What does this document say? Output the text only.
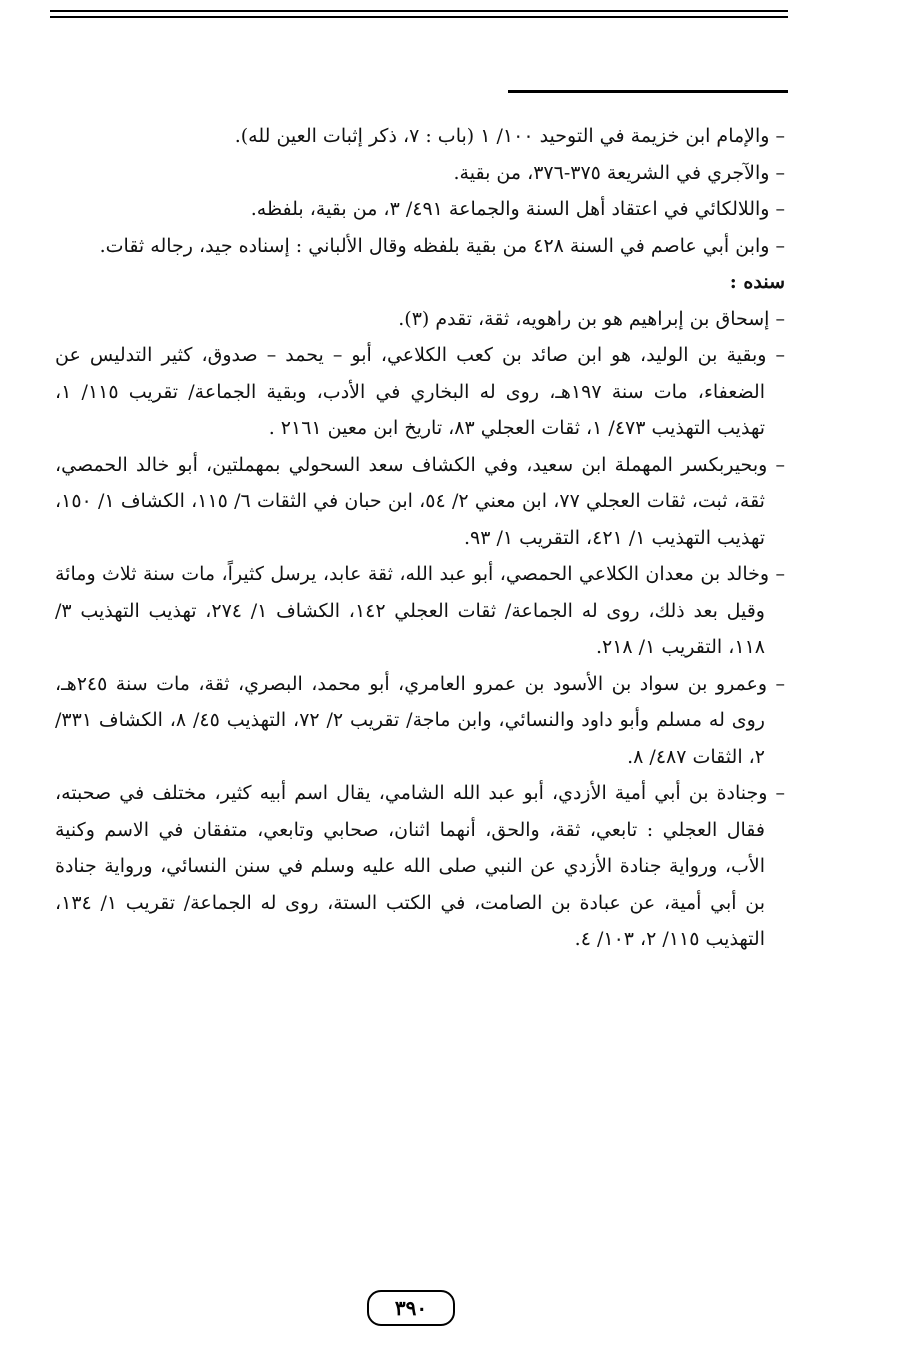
– والإمام ابن خزيمة في التوحيد ١٠٠/ ١ (باب : ٧، ذكر إثبات العين لله).

– والآجري في الشريعة ٣٧٥-٣٧٦، من بقية.

– واللالكائي في اعتقاد أهل السنة والجماعة ٤٩١/ ٣، من بقية، بلفظه.

– وابن أبي عاصم في السنة ٤٢٨ من بقية بلفظه وقال الألباني : إسناده جيد، رجاله ثقات.

سنده :

– إسحاق بن إبراهيم هو بن راهويه، ثقة، تقدم (٣).

– وبقية بن الوليد، هو ابن صائد بن كعب الكلاعي، أبو – يحمد – صدوق، كثير التدليس عن الضعفاء، مات سنة ١٩٧هـ، روى له البخاري في الأدب، وبقية الجماعة/ تقريب ١١٥/ ١، تهذيب التهذيب ٤٧٣/ ١، ثقات العجلي ٨٣، تاريخ ابن معين ٢١٦١ .

– وبحيربكسر المهملة ابن سعيد، وفي الكشاف سعد السحولي بمهملتين، أبو خالد الحمصي، ثقة، ثبت، ثقات العجلي ٧٧، ابن معني ٢/ ٥٤، ابن حبان في الثقات ٦/ ١١٥، الكشاف ١/ ١٥٠، تهذيب التهذيب ١/ ٤٢١، التقريب ١/ ٩٣.

– وخالد بن معدان الكلاعي الحمصي، أبو عبد الله، ثقة عابد، يرسل كثيراً، مات سنة ثلاث ومائة وقيل بعد ذلك، روى له الجماعة/ ثقات العجلي ١٤٢، الكشاف ١/ ٢٧٤، تهذيب التهذيب ٣/ ١١٨، التقريب ١/ ٢١٨.

– وعمرو بن سواد بن الأسود بن عمرو العامري، أبو محمد، البصري، ثقة، مات سنة ٢٤٥هـ، روى له مسلم وأبو داود والنسائي، وابن ماجة/ تقريب ٢/ ٧٢، التهذيب ٤٥/ ٨، الكشاف ٣٣١/ ٢، الثقات ٤٨٧/ ٨.

– وجنادة بن أبي أمية الأزدي، أبو عبد الله الشامي، يقال اسم أبيه كثير، مختلف في صحبته، فقال العجلي : تابعي، ثقة، والحق، أنهما اثنان، صحابي وتابعي، متفقان في الاسم وكنية الأب، ورواية جنادة الأزدي عن النبي صلى الله عليه وسلم في سنن النسائي، ورواية جنادة بن أبي أمية، عن عبادة بن الصامت، في الكتب الستة، روى له الجماعة/ تقريب ١/ ١٣٤، التهذيب ١١٥/ ٢، ١٠٣/ ٤.

٣٩٠
